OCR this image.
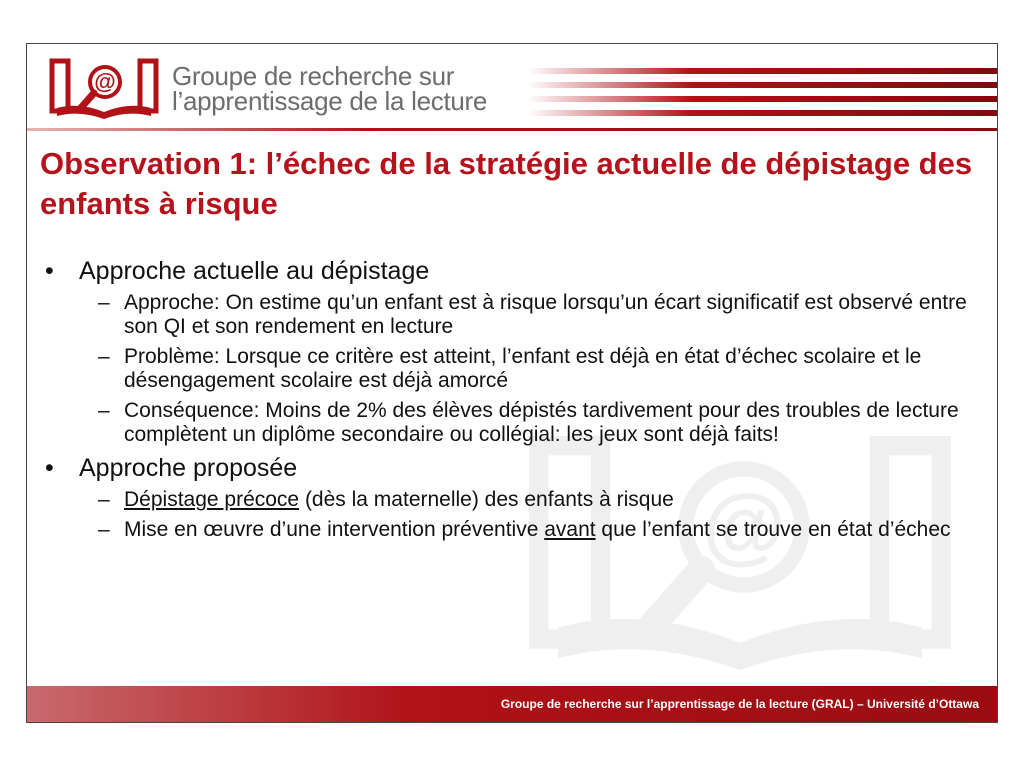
@ Groupe de recherche sur
l’apprentissage de la lecture
@
Observation 1: l’échec de la stratégie actuelle de dépistage des enfants à risque
• Approche actuelle au dépistage
– Approche: On estime qu’un enfant est à risque lorsqu’un écart significatif est observé entre son QI et son rendement en lecture
– Problème: Lorsque ce critère est atteint, l’enfant est déjà en état d’échec scolaire et le désengagement scolaire est déjà amorcé
– Conséquence: Moins de 2% des élèves dépistés tardivement pour des troubles de lecture complètent un diplôme secondaire ou collégial: les jeux sont déjà faits!
• Approche proposée
– Dépistage précoce (dès la maternelle) des enfants à risque
– Mise en œuvre d’une intervention préventive avant que l’enfant se trouve en état d’échec
Groupe de recherche sur l’apprentissage de la lecture (GRAL) – Université d’Ottawa
